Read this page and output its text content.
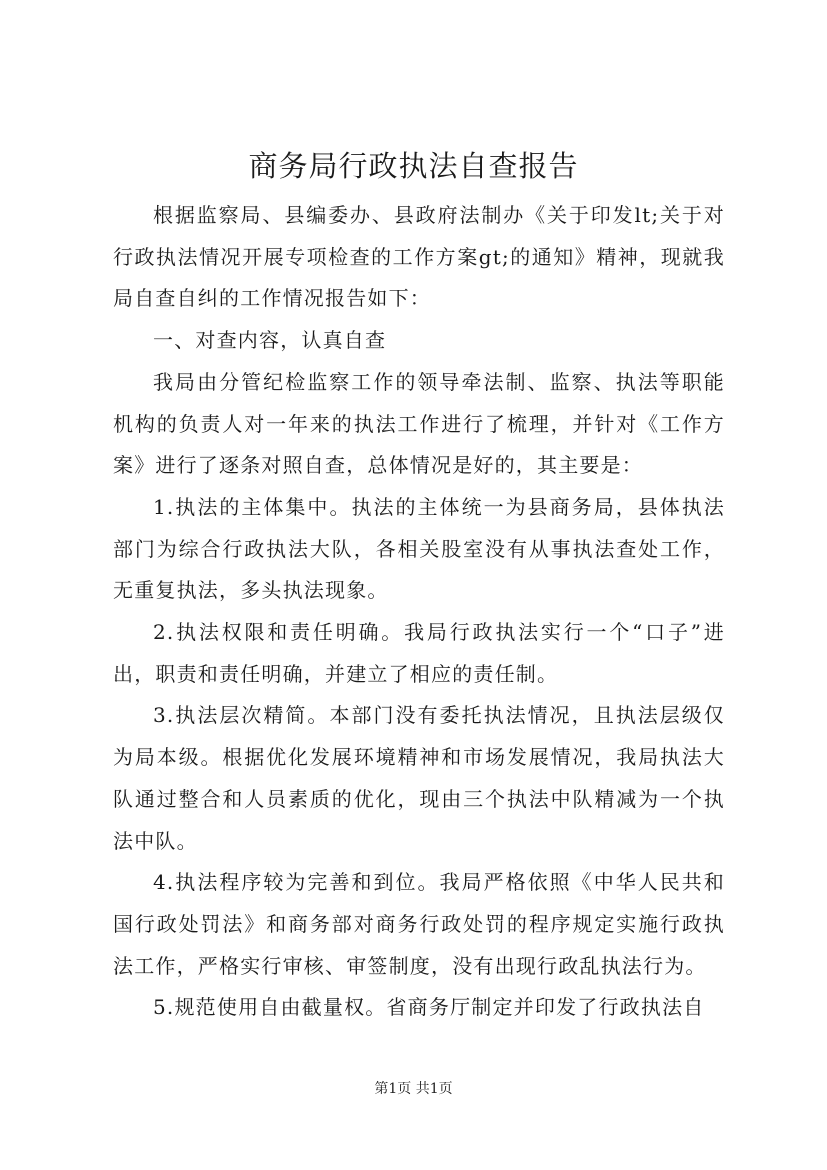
商务局行政执法自查报告

根据监察局、县编委办、县政府法制办《关于印发lt;关于对行政执法情况开展专项检查的工作方案gt;的通知》精神，现就我局自查自纠的工作情况报告如下：

一、对查内容，认真自查

我局由分管纪检监察工作的领导牵法制、监察、执法等职能机构的负责人对一年来的执法工作进行了梳理，并针对《工作方案》进行了逐条对照自查，总体情况是好的，其主要是：

1.执法的主体集中。执法的主体统一为县商务局，县体执法部门为综合行政执法大队，各相关股室没有从事执法查处工作，无重复执法，多头执法现象。

2.执法权限和责任明确。我局行政执法实行一个“口子”进出，职责和责任明确，并建立了相应的责任制。

3.执法层次精简。本部门没有委托执法情况，且执法层级仅为局本级。根据优化发展环境精神和市场发展情况，我局执法大队通过整合和人员素质的优化，现由三个执法中队精减为一个执法中队。

4.执法程序较为完善和到位。我局严格依照《中华人民共和国行政处罚法》和商务部对商务行政处罚的程序规定实施行政执法工作，严格实行审核、审签制度，没有出现行政乱执法行为。

5.规范使用自由截量权。省商务厅制定并印发了行政执法自

第1页 共1页
